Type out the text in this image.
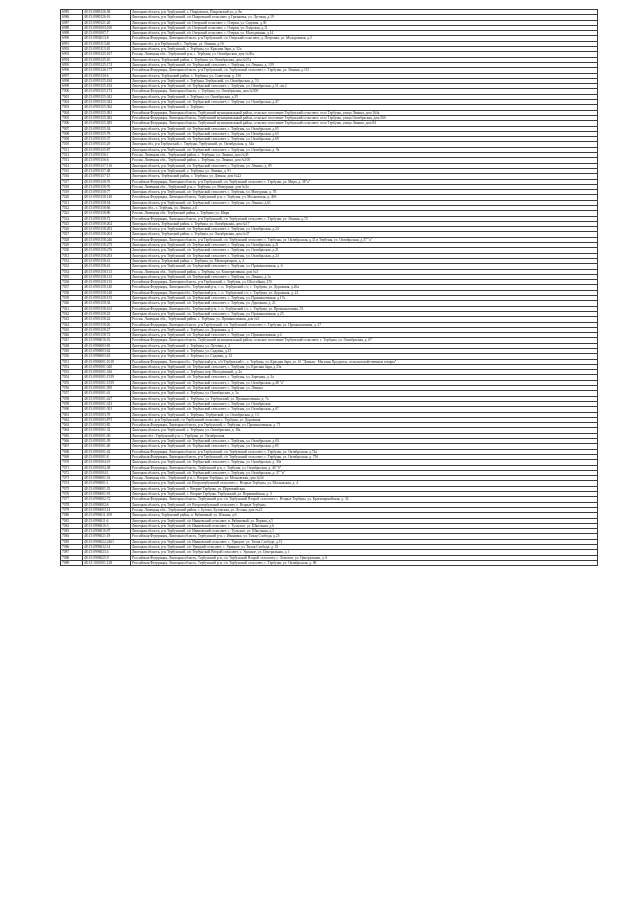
6985	48:15:0980126:58	Липецкая область, р-н Тербунский, с. Покровское, Покровский ул, д. 8в
6986	48:15:0980126:16	Липецкая область, р-н Тербунский, с/п Покровский сельсовет, д Грязновка, ул. Луговая, д.19
6987	48:15:0990121:26	Липецкая область, р-н Тербунский, с/п Озерский сельсовет, с. Озерки, ул. Садовая, д.30
6988	48:15:0991003:100	Липецкая область, р-н Тербунский, с/п Озерский сельсовет, с. Озерки, ул. Озерская, д.11
6989	48:15:0991007:7	Липецкая область, р-н Тербунский, с/п Озерский сельсовет, с. Озерки, ул. Молодежная, д.14
6990	48:15:0992013:8	Российская Федерация, Липецкая область, р-н Тербунский, с/п Озерский сельсовет, д. Петровка, ул. Молодежная, д.3
6991	48:15:0993113:40	Липецкая обл, р-н Тербунский, с. Тербуны, ул. Ленина, д.16
6992	48:15:0993113:10	Липецкая область, р-н Тербунский, с. Тербуны, ул. Красная Заря, д. 52а
6993	48:15:0993125:167	Россия, Липецкая обл., Тербунский р-н, с. Тербуны, ул. Октябрьская, дом №30а
6994	48:15:0993125:10	Липецкая область, Тербунский район, с. Тербуны, ул. Октябрьская, дом №57а
6995	48:15:0993125:174	Липецкая область, р-н Тербунский, с/п Тербунский сельсовет, с. Тербуны, ул. Ленина, д. 139
6996	48:15:0993126:177	Российская Федерация, Липецкая область, р-н Тербунский, с/п Тербунский сельсовет, с. Тербуны, ул. Ленина, д.115
6997	48:15:0993130:6	Липецкая область, Тербунский район, с. Тербуны, ул. Советская, д. 13б
6998	48:15:0993155:184	Липецкая область, р-н Тербунский, с. Тербуны, Тербунский, ул. Октябрьская, д. 53
6999	48:15:0993155:192	Липецкая область, р-н Тербунский, с/п Тербунский сельсовет, с. Тербуны, ул. Октябрьская, д.51, кв.2
7000	48:15:0993155:174	Российская Федерация, Липецкая область, с. Тербуны, ул. Октябрьская, дом №50б
7001	48:15:0993155:341	Липецкая область, р-н Тербунский, с. Тербуны, ул. Октябрьская, д.35
7002	48:15:0993155:342	Липецкая область, р-н Тербунский, с/п Тербунский сельсовет, с. Тербуны, ул. Октябрьская, д.47
7003	48:15:0993155:362	Липецкая область, р-н Тербунский, с. Тербуны
7004	48:15:0993155:381	Российская Федерация, Липецкая область, Тербунский муниципальный район, сельское поселение Тербунский сельсовет, село Тербуны, улица Ленина, дом 164а
7005	48:15:0993155:382	Российская Федерация, Липецкая область, Тербунский муниципальный район, сельское поселение Тербунский сельсовет, село Тербуны, улица Октябрьская, дом 56б
7006	48:15:0993155:385	Российская Федерация, Липецкая область, Тербунский муниципальный район, сельское поселение Тербунский сельсовет, село Тербуны, улица Ленина, дом 84
7007	48:15:0993155:34	Липецкая область, р-н Тербунский, с/п Тербунский сельсовет, с. Тербуны, ул. Октябрьская, д.65
7008	48:15:0993155:78	Липецкая область, р-н Тербунский, с/п Тербунский сельсовет, с. Тербуны, ул. Октябрьская, д.63
7009	48:15:0993155:37	Липецкая область, р-н Тербунский, с/п Тербунский сельсовет, с. Тербуны, ул. Октябрьская, д.69
7010	48:15:0993155:29	Липецкая обл, р-н Тербунский, с. Тербуны, Тербунский, ул. Октябрьская, д. 34а
7011	48:15:0993155:87	Липецкая область, р-н Тербунский, с/п Тербунский сельсовет, с. Тербуны, ул. Октябрьская, д. 9а
7012	48:15:0993156:1	Россия, Липецкая обл., Тербунский район, с. Тербуны, ул. Ленина, дом №45
7013	48:15:0993156:6	Россия, Липецкая обл., Тербунский район, с. Тербуны, ул. Ленина, дом №105
7014	48:15:0993157:116	Липецкая область, р-н Тербунский, с/п Тербунский сельсовет, с. Тербуны, ул. Ленина, д. 85
7015	48:15:0993157:48	Липецкая область, р-н Тербунский, с. Тербуны, ул. Ленина, д. 91
7016	48:15:0993157:15	Липецкая область, Тербунский район, с. Тербуны, ул. Дачная, дом №22
7017	48:15:0993158:76	Российская Федерация, Липецкая область, р-н Тербунский, с/п Тербунский сельсовет, с. Тербуны, ул. Мира, д. 38"а"
7018	48:15:0993158:76	Россия, Липецкая обл., Тербунский р-н, с. Тербуны, ул. Мичурина, дом №3а
7019	48:15:0993158:77	Липецкая область, р-н Тербунский, с/п Тербунский сельсовет, с. Тербуны, ул. Мичурина, д. 78
7020	48:15:0993158:140	Российская Федерация, Липецкая область, Тербунский р-н, с. Тербуны, ул. Московская, д. 40б
7021	48:15:0993158:54	Липецкая область, р-н Тербунский, с/п Тербунский сельсовет, с. Тербуны, ул. Ленина, д.61
7022	48:15:0993158:66	Липецкая обл., с. Тербуны, ул. Ленина, д.6
7023	48:15:0993158:80	Россия, Липецкая обл, Тербунский район, с. Тербуны, ул. Мира
7024	48:15:0993158:72	Российская Федерация, Липецкая область, р-н Тербунский, с/п Тербунский сельсовет, с. Тербуны, ул. Ленина, д.74
7025	48:15:0993158:202	Липецкая область, Тербунский район, с. Тербуны, ул. Октябрьская, дом №17
7026	48:15:0993158:202	Липецкая область, р-н Тербунский, с/п Тербунский сельсовет, с. Тербуны, ул. Октябрьская, д.24
7027	48:15:0993158:203	Липецкая область, Тербунский район, с. Тербуны, ул. Октябрьская, дом №37
7028	48:15:0993158:246	Российская Федерация, Липецкая область, р-н Тербунский, с/п Тербунский сельсовет, с. Тербуны, ул. Октябрьская, д.31 в Тербуны, ул. Октябрьская, д.37 "а"
7029	48:15:0993158:275	Липецкая область, р-н Тербунский, с/п Тербунский сельсовет, с. Тербуны, ул. Октябрьская, д.21
7030	48:15:0993158:276	Липецкая область, р-н Тербунский, с/п Тербунский сельсовет, с. Тербуны, ул. Октябрьская, д.21
7031	48:15:0993158:293	Липецкая область, р-н Тербунский, с/п Тербунский сельсовет, с. Тербуны, ул. Октябрьская, д.24
7032	48:15:0993158:41	Липецкая область, Тербунский район, с. Тербуны, ул. Мелиораторов, д. 2
7033	48:15:0993158:41	Липецкая область, р-н Тербунский, с/п Тербунский сельсовет, с. Тербуны, ул. Промышленная, д. 6
7034	48:15:0993158:113	Россия, Липецкая обл., Тербунский район, с. Тербуны, ул. Кооперативная, дом №3
7035	48:15:0993158:133	Липецкая область, р-н Тербунский, с/п Тербунский сельсовет, с. Тербуны, ул. Ленина, д.1а
7036	48:15:0993158:133	Российская Федерация, Липецкая область, р-н Тербунский, с. Тербуны, ул. Шоссейная, 27б
7037	48:15:0993158:140	Российская Федерация, Липецкая обл., Тербунский р-н, с. п. Тербунский с/с, с. Тербуны, ул. Дорожная, д.26а
7038	48:15:0993158:140	Российская Федерация, Липецкая обл., Тербунский р-н, с. п. Тербунский с/с, с. Тербуны, ул. Дорожная, д. 22
7039	48:15:0993158:155	Липецкая область, р-н Тербунский, с/п Тербунский сельсовет, с. Тербуны, ул. Промышленная, д.17а
7040	48:15:0993158:34	Липецкая область, р-н Тербунский, с/п Тербунский сельсовет, с. Тербуны, ул. Дорожная, д. 21
7041	48:15:0993158:163	Российская Федерация, Липецкая обл., Тербунский р-н, с. п. Тербунский с/с, с. Тербуны, ул. Промышленная, 35
7042	48:15:0993158:23	Липецкая область, р-н Тербунский, с/п Тербунский сельсовет, с. Тербуны, ул. Промышленная, д.25
7043	48:15:0993158:24	Россия, Липецкая обл., Тербунский район, с. Тербуны, ул. Промышленная, дом №5
7044	48:15:0993158:26	Российская Федерация, Липецкая область, р-н Тербунский, с/п Тербунский сельсовет, с. Тербуны, ул. Промышленная, д. 27
7045	48:15:0993158:27	Липецкая область, р-н Тербунский, с. Тербуны, ул. Дорожная, д. 3
7046	48:15:0993158:72	Липецкая область, р-н Тербунский, с/п Тербунский сельсовет, с. Тербуны, ул. Промышленная, д.2
7047	48:15:0996016:16	Российская Федерация, Липецкая область, Тербунский муниципальный район, сельское поселение Тербунский сельсовет, с. Тербуны, ул. Октябрьская, д. 67
7048	48:15:0996003:69	Липецкая область, р-н Тербунский, с. Тербуны, ул. Луговая, д. 2
7049	48:15:0996003:62	Липецкая область, р-н Тербунский, с. Тербуны, ул. Садовая, д.15
7050	48:15:0996003:63	Липецкая область, р-н Тербунский, с. Тербуны, ул. Садовая, д. 13
7051	48:15:0996001:1018	Российская Федерация, Липецкая обл., Тербунский р-н, с/п Тербунский с., с. Тербуны, ул. Красная Заря, ул. 16 "Дачная - Магазин Продукты, сельскохозяйственные товары"
7052	48:15:0991001:320	Липецкая область, р-н Тербунский, с/п Тербунский сельсовет, с. Тербуны, ул. Красная Заря, д.33а
7053	48:15:0991001:326	Липецкая область, р-н Тербунский, с. Тербуны, пер. Молодежный, д. 2а
7054	48:15:0991001:1559	Липецкая область, р-н Тербунский, с/п Тербунский сельсовет, с. Тербуны, ул. Заречная, д. 3а
7055	48:15:0991001:1559	Липецкая область, р-н Тербунский, с/п Тербунский сельсовет, с. Тербуны, ул. Октябрьская, д.48 "а"
7056	48:15:0991001:395	Липецкая область, р-н Тербунский, с/п Тербунский сельсовет, с. Тербуны, ул. Ленина
7057	48:15:0991001:41	Липецкая область, р-н Тербунский, с. Тербуны, ул. Октябрьская, д. 5а
7058	48:15:0991001:427	Липецкая область, р-н Тербунский, с. Тербуны, ул. Тербунский, ул. Промышленная, д. 7а
7059	48:15:0991001:323	Липецкая область, р-н Тербунский, с/п Тербунский сельсовет, с. Тербуны, ул. Октябрьская
7060	48:15:0991001:391	Липецкая область, р-н Тербунский, с/п Тербунский сельсовет, с. Тербуны, ул. Октябрьская, д.67
7061	48:15:0991003:78	Липецкая область, р-н Тербунский, с. Тербуны, Тербунский, ул. Октябрьская, д. 13
7062	48:15:0991003:875	Липецкая обл, р-н Тербунский, с/п Тербунский сельсовет, с. Тербуны, ул. Дорожная
7063	48:15:0991003:85	Российская Федерация, Липецкая область, р-н Тербунский, с. Тербуны, ул. Промышленная, д. 71
7064	48:15:0991001:32	Липецкая область, р-н Тербунский, с. Тербуны, ул. Октябрьская, д. 18а
7065	48:15:0991001:30	Липецкая обл., Тербунский р-н, с. Тербуны, ул. Октябрьская
7066	48:15:0991001:39	Липецкая область, р-н Тербунский, с/п Тербунский сельсовет, с. Тербуны, ул. Октябрьская, д.84
7067	48:15:0991001:40	Липецкая область, р-н Тербунский, с/п Тербунский сельсовет, с. Тербуны, ул. Октябрьская, д.85
7068	48:15:0991001:42	Российская Федерация, Липецкая область, р-н Тербунский, с/п Тербунский сельсовет, с. Тербуны, ул. Октябрьская, д.74а
7069	48:15:0991001:8	Российская Федерация, Липецкая область, р-н Тербунский, с/п Тербунский сельсовет, с. Тербуны, ул. Октябрьская, д. 75б
7070	48:15:0991004:19	Липецкая область, р-н Тербунский, с/п Тербунский сельсовет, с. Тербуны, ул. Октябрьская, д. 39а
7071	48:15:0991004:38	Российская Федерация, Липецкая область, Тербунский р-н, с. Тербуны, ул. Октябрьская, д. 40 "б"
7072	48:15:0991004:1	Липецкая область, р-н Тербунский, с/п Тербунский сельсовет, с. Тербуны, ул. Октябрьская, д. 37 "в"
7073	48:15:0996001:52	Россия, Липецкая обл., Тербунский р-н, с. Вторые Тербуны, ул. Московская, дом №54
7074	48:15:0996001:1	Липецкая область, р-н Тербунский, с/п Второтербунский сельсовет, с. Вторые Тербуны, ул. Московская, д. 4
7075	48:15:0996001:35	Липецкая область, р-н Тербунский, с. Вторые Тербуны, ул. Первомайская
7076	48:15:0996001:91	Липецкая область, р-н Тербунский, с. Вторые Тербуны, Тербунский, ул. Первомайская, д. 3
7077	48:15:0996002:72	Российская Федерация, Липецкая область, Тербунский р-н, с/п Тербунский Второй сельсовет, с. Вторые Тербуны, ул. Красноармейская, д. 34
7078	48:15:0996002:6	Липецкая область, р-н Тербунский, с/п Второтербунский сельсовет, с. Вторые Тербуны
7079	48:15:0996003:14	Россия, Липецкая обл., Тербунский район, с. Бутово, Бутовская, ул. Лесная, дом №21
7080	48:15:0996011:108	Липецкая область, Тербунский район, п. Рябиновый, ул. Южная, д.6
7081	48:15:0996011:6	Липецкая область, р-н Тербунский, с/п Ивановский сельсовет, п. Рябиновый, ул. Первая, д.5
7082	48:15:0996016:5	Липецкая область, р-н Тербунский, с/п Ивановский сельсовет, с. Тульское, ул. Школьная, д.6
7083	48:15:0996016:97	Липецкая область, р-н Тербунский, с/п Ивановский сельсовет, с. Тульское, ул. Школьная, д.3
7084	48:15:0996021:18	Российская Федерация, Липецкая область, Тербунский р-н, с. Ивановка, ул. Тихая Слобода, д.25
7085	48:15:0996022:2461	Липецкая область, р-н Тербунский, с/п Ивановский сельсовет, с. Урицкое, ул. Тихая Слобода, д.31
7086	48:15:0996022:14	Липецкая область, р-н Тербунский, с/п Урицкий сельсовет, с. Урицкое, ул. Тихая Слобода, д. 35
7087	48:15:0996023:4	Липецкая область, р-н Тербунский, с/п Тербунский Второй сельсовет, с. Урицкое, ул. Центральная, д.1
7088	48:15:0996025:9	Российская Федерация, Липецкая область, Тербунский р-н, с/п Тербунский Второй сельсовет, с. Ломовое, ул. Центральная, д. 6
7089	48:15:1001001:128	Российская Федерация, Липецкая область, Тербунский р-н, с/п Тербунский сельсовет, с. Тербуны, ул. Октябрьская, д. 88
